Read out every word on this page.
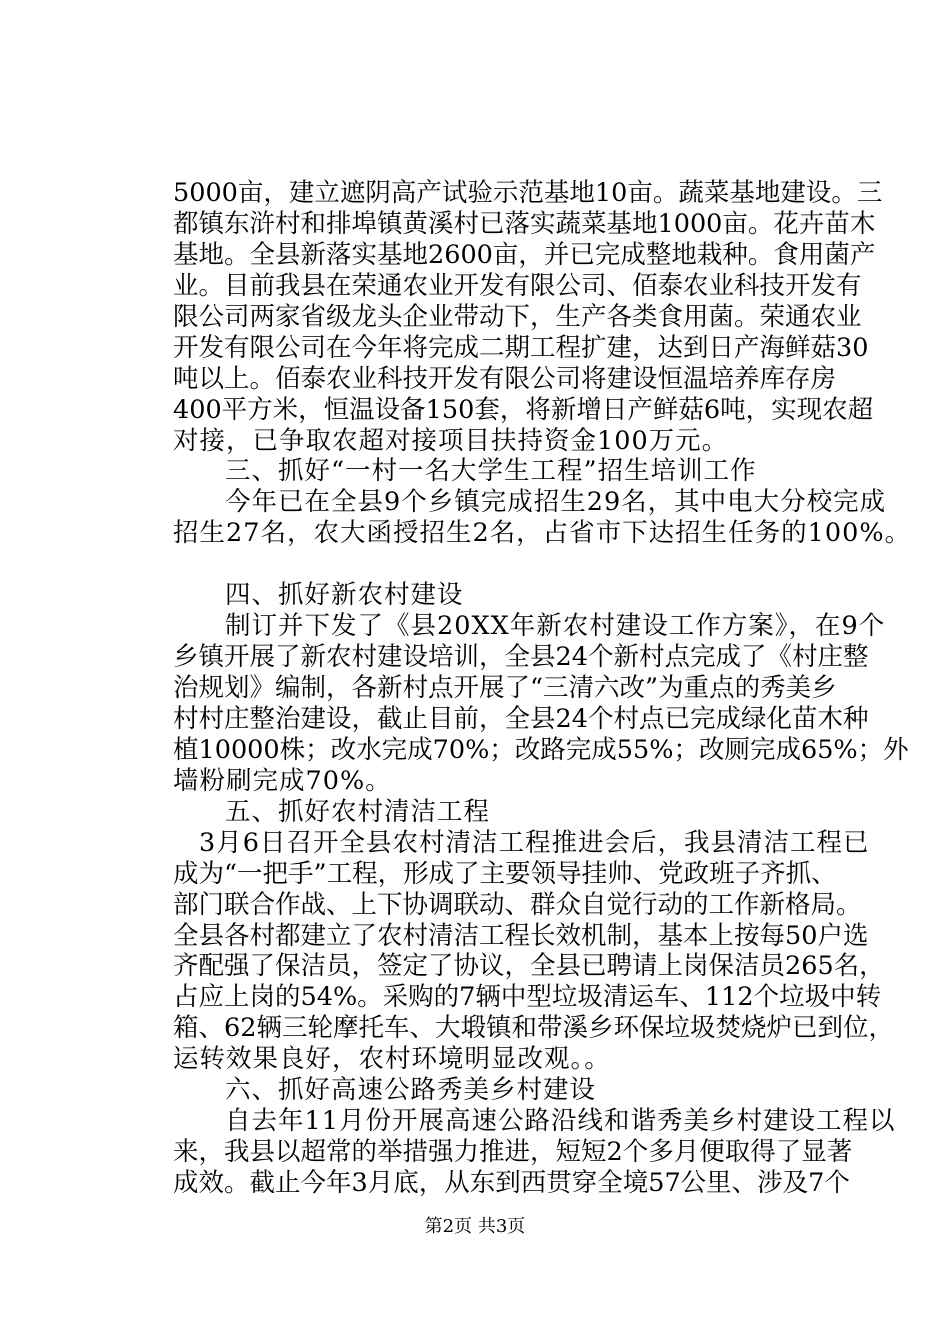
5000亩，建立遮阴高产试验示范基地10亩。蔬菜基地建设。三
都镇东浒村和排埠镇黄溪村已落实蔬菜基地1000亩。花卉苗木
基地。全县新落实基地2600亩，并已完成整地栽种。食用菌产
业。目前我县在荣通农业开发有限公司、佰泰农业科技开发有
限公司两家省级龙头企业带动下，生产各类食用菌。荣通农业
开发有限公司在今年将完成二期工程扩建，达到日产海鲜菇30
吨以上。佰泰农业科技开发有限公司将建设恒温培养库存房
400平方米，恒温设备150套，将新增日产鲜菇6吨，实现农超
对接，已争取农超对接项目扶持资金100万元。
三、抓好“一村一名大学生工程”招生培训工作
今年已在全县9个乡镇完成招生29名，其中电大分校完成
招生27名，农大函授招生2名，占省市下达招生任务的100%。
四、抓好新农村建设
制订并下发了《县20XX年新农村建设工作方案》，在9个
乡镇开展了新农村建设培训，全县24个新村点完成了《村庄整
治规划》编制，各新村点开展了“三清六改”为重点的秀美乡
村村庄整治建设，截止目前，全县24个村点已完成绿化苗木种
植10000株；改水完成70%；改路完成55%；改厕完成65%；外
墙粉刷完成70%。
五、抓好农村清洁工程
3月6日召开全县农村清洁工程推进会后，我县清洁工程已
成为“一把手”工程，形成了主要领导挂帅、党政班子齐抓、
部门联合作战、上下协调联动、群众自觉行动的工作新格局。
全县各村都建立了农村清洁工程长效机制，基本上按每50户选
齐配强了保洁员，签定了协议，全县已聘请上岗保洁员265名，
占应上岗的54%。采购的7辆中型垃圾清运车、112个垃圾中转
箱、62辆三轮摩托车、大塅镇和带溪乡环保垃圾焚烧炉已到位，
运转效果良好，农村环境明显改观。。
六、抓好高速公路秀美乡村建设
自去年11月份开展高速公路沿线和谐秀美乡村建设工程以
来，我县以超常的举措强力推进，短短2个多月便取得了显著
成效。截止今年3月底，从东到西贯穿全境57公里、涉及7个
第2页 共3页
